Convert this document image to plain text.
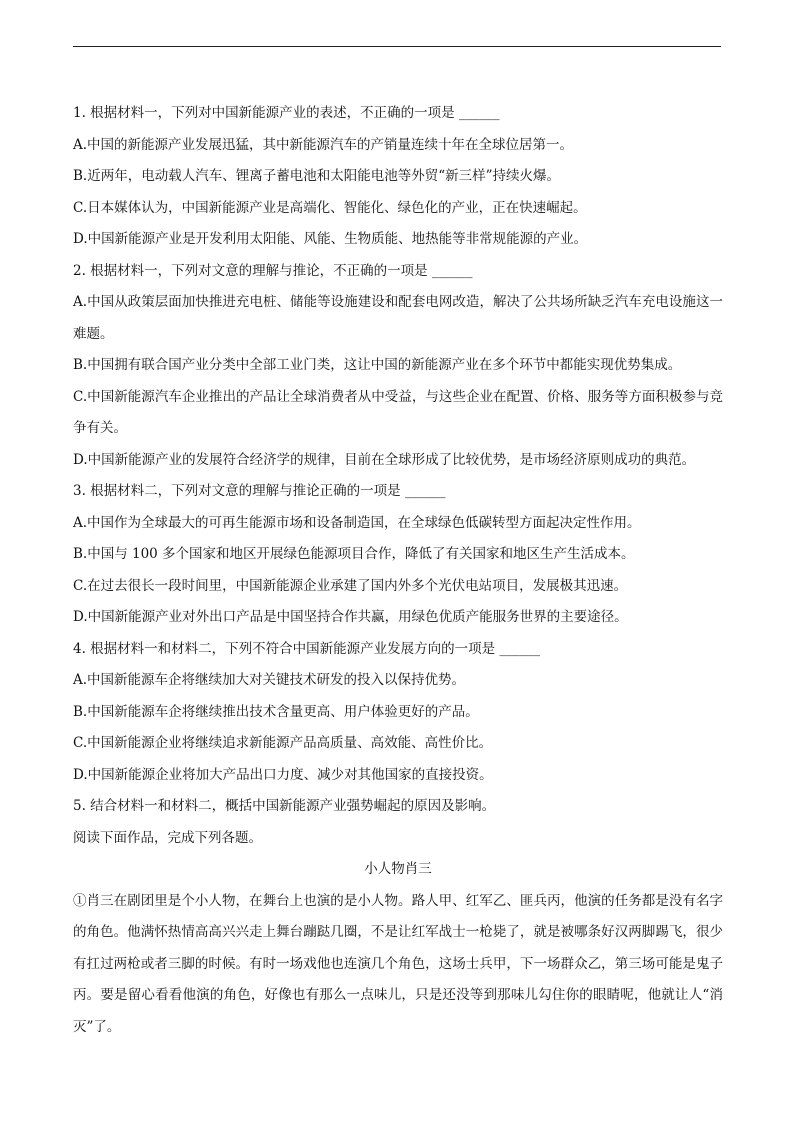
1. 根据材料一，下列对中国新能源产业的表述，不正确的一项是 ______

A.中国的新能源产业发展迅猛，其中新能源汽车的产销量连续十年在全球位居第一。

B.近两年，电动载人汽车、锂离子蓄电池和太阳能电池等外贸“新三样”持续火爆。

C.日本媒体认为，中国新能源产业是高端化、智能化、绿色化的产业，正在快速崛起。

D.中国新能源产业是开发利用太阳能、风能、生物质能、地热能等非常规能源的产业。

2. 根据材料一，下列对文意的理解与推论，不正确的一项是 ______

A.中国从政策层面加快推进充电桩、储能等设施建设和配套电网改造，解决了公共场所缺乏汽车充电设施这一难题。

B.中国拥有联合国产业分类中全部工业门类，这让中国的新能源产业在多个环节中都能实现优势集成。

C.中国新能源汽车企业推出的产品让全球消费者从中受益，与这些企业在配置、价格、服务等方面积极参与竞争有关。

D.中国新能源产业的发展符合经济学的规律，目前在全球形成了比较优势，是市场经济原则成功的典范。

3. 根据材料二，下列对文意的理解与推论正确的一项是 ______

A.中国作为全球最大的可再生能源市场和设备制造国，在全球绿色低碳转型方面起决定性作用。

B.中国与 100 多个国家和地区开展绿色能源项目合作，降低了有关国家和地区生产生活成本。

C.在过去很长一段时间里，中国新能源企业承建了国内外多个光伏电站项目，发展极其迅速。

D.中国新能源产业对外出口产品是中国坚持合作共赢，用绿色优质产能服务世界的主要途径。

4. 根据材料一和材料二，下列不符合中国新能源产业发展方向的一项是 ______

A.中国新能源车企将继续加大对关键技术研发的投入以保持优势。

B.中国新能源车企将继续推出技术含量更高、用户体验更好的产品。

C.中国新能源企业将继续追求新能源产品高质量、高效能、高性价比。

D.中国新能源企业将加大产品出口力度、减少对其他国家的直接投资。

5. 结合材料一和材料二，概括中国新能源产业强势崛起的原因及影响。

阅读下面作品，完成下列各题。

小人物肖三

①肖三在剧团里是个小人物，在舞台上也演的是小人物。路人甲、红军乙、匪兵丙，他演的任务都是没有名字的角色。他满怀热情高高兴兴走上舞台蹦跶几圈，不是让红军战士一枪毙了，就是被哪条好汉两脚踢飞，很少有扛过两枪或者三脚的时候。有时一场戏他也连演几个角色，这场士兵甲，下一场群众乙，第三场可能是鬼子丙。要是留心看看他演的角色，好像也有那么一点味儿，只是还没等到那味儿勾住你的眼睛呢，他就让人“消灭”了。
